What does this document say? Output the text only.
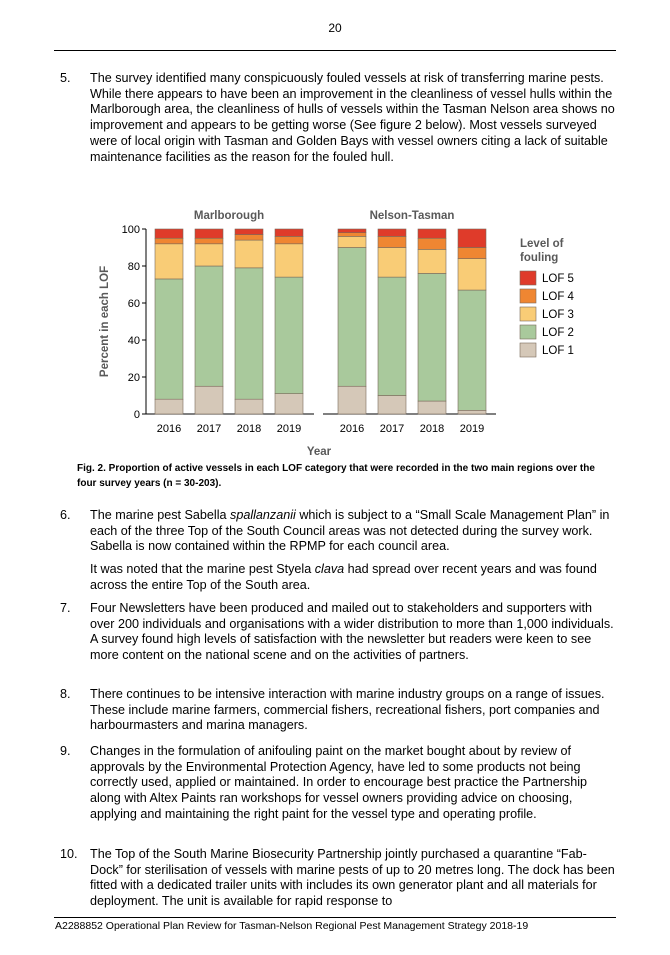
20
5. The survey identified many conspicuously fouled vessels at risk of transferring marine pests. While there appears to have been an improvement in the cleanliness of vessel hulls within the Marlborough area, the cleanliness of hulls of vessels within the Tasman Nelson area shows no improvement and appears to be getting worse (See figure 2 below). Most vessels surveyed were of local origin with Tasman and Golden Bays with vessel owners citing a lack of suitable maintenance facilities as the reason for the fouled hull.

0
20
40
60
80
100
Percent in each LOF
Marlborough
2016 2017 2018 2019
Nelson-Tasman
2016 2017 2018 2019
Year
Level of
fouling
LOF 5
LOF 4
LOF 3
LOF 2
LOF 1
Fig. 2. Proportion of active vessels in each LOF category that were recorded in the two main regions over the four survey years (n = 30-203).
6. The marine pest Sabella spallanzanii which is subject to a “Small Scale Management Plan” in each of the three Top of the South Council areas was not detected during the survey work. Sabella is now contained within the RPMP for each council area.

It was noted that the marine pest Styela clava had spread over recent years and was found across the entire Top of the South area.

7. Four Newsletters have been produced and mailed out to stakeholders and supporters with over 200 individuals and organisations with a wider distribution to more than 1,000 individuals. A survey found high levels of satisfaction with the newsletter but readers were keen to see more content on the national scene and on the activities of partners.

8. There continues to be intensive interaction with marine industry groups on a range of issues. These include marine farmers, commercial fishers, recreational fishers, port companies and harbourmasters and marina managers.

9. Changes in the formulation of anifouling paint on the market bought about by review of approvals by the Environmental Protection Agency, have led to some products not being correctly used, applied or maintained. In order to encourage best practice the Partnership along with Altex Paints ran workshops for vessel owners providing advice on choosing, applying and maintaining the right paint for the vessel type and operating profile.

10. The Top of the South Marine Biosecurity Partnership jointly purchased a quarantine “Fab-Dock” for sterilisation of vessels with marine pests of up to 20 metres long. The dock has been fitted with a dedicated trailer units with includes its own generator plant and all materials for deployment. The unit is available for rapid response to

A2288852 Operational Plan Review for Tasman-Nelson Regional Pest Management Strategy 2018-19
